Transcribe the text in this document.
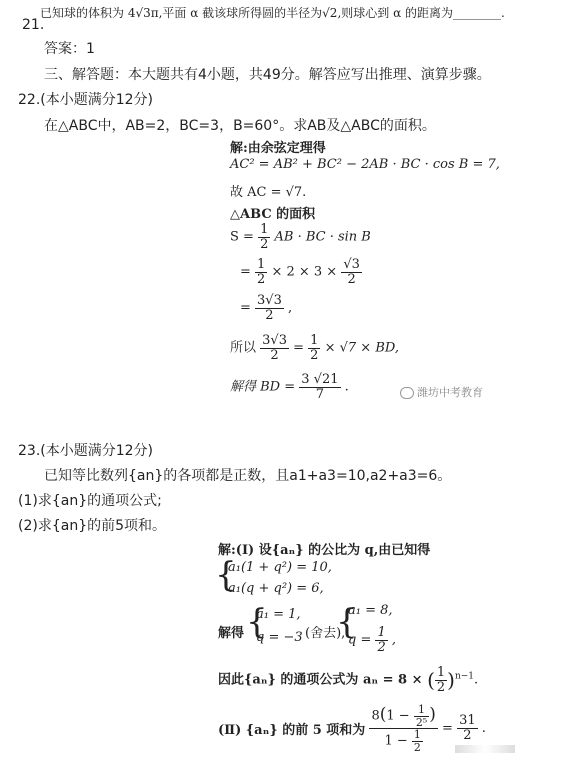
已知球的体积为 4√3π,平面 α 截该球所得圆的半径为√2,则球心到 α 的距离为________.
21.
答案：1
三、解答题：本大题共有4小题，共49分。解答应写出推理、演算步骤。
22.(本小题满分12分)
在△ABC中，AB=2，BC=3，B=60°。求AB及△ABC的面积。
解:由余弦定理得
AC² = AB² + BC² − 2AB · BC · cos B = 7,
故 AC = √7.
△ABC 的面积
$S = \frac{1}{2}$ AB · BC · sin B
= $\frac{1}{2} \times 2 \times 3 \times \frac{√3}{2}$
= $\frac{3√3}{2}$ ,
所以 $\frac{3√3}{2} = \frac{1}{2} \times √7$ × BD,
解得 BD = $\frac{3 √21}{7}$ .	潍坊中考教育
23.(本小题满分12分)
已知等比数列{an}的各项都是正数，且a1+a3=10,a2+a3=6。
(1)求{an}的通项公式;
(2)求{an}的前5项和。
解:(Ⅰ) 设{aₙ} 的公比为 q,由已知得
{
a₁(1 + q²) = 10,
a₁(q + q²) = 6,
解得 {
a₁ = 1,
q = −3 (舍去),
{
a₁ = 8,
$q = \frac{1}{2}$ ,
因此{aₙ} 的通项公式为 aₙ = 8 × ( $\frac{1}{2} )^{n-1}$.
(Ⅱ) {aₙ} 的前 5 项和为 $\frac{8(1 - \frac{1}{\text{2⁵}} )}{1 - \frac{1}{2}} = \frac{31}{2}$ .
